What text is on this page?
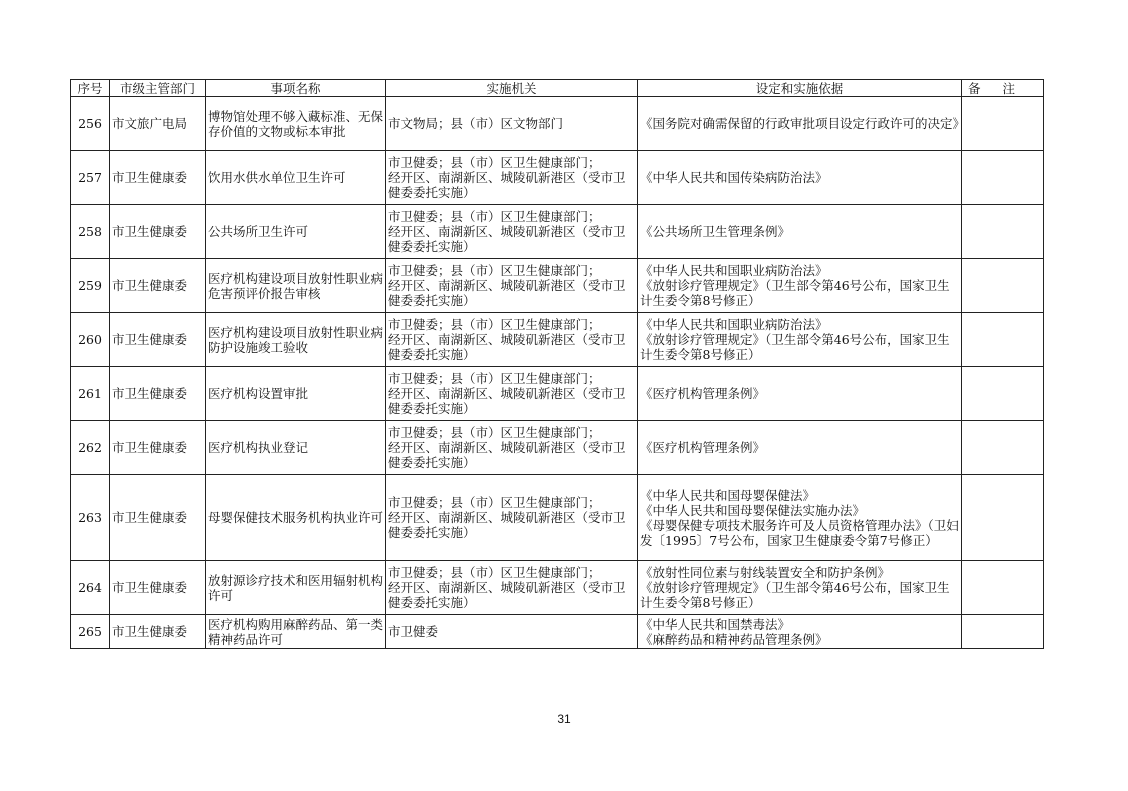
序号	市级主管部门	事项名称	实施机关	设定和实施依据	备注
256	市文旅广电局	博物馆处理不够入藏标准、无保存价值的文物或标本审批	市文物局；县（市）区文物部门	《国务院对确需保留的行政审批项目设定行政许可的决定》	
257	市卫生健康委	饮用水供水单位卫生许可	市卫健委；县（市）区卫生健康部门；
经开区、南湖新区、城陵矶新港区（受市卫健委委托实施）	《中华人民共和国传染病防治法》	
258	市卫生健康委	公共场所卫生许可	市卫健委；县（市）区卫生健康部门；
经开区、南湖新区、城陵矶新港区（受市卫健委委托实施）	《公共场所卫生管理条例》	
259	市卫生健康委	医疗机构建设项目放射性职业病危害预评价报告审核	市卫健委；县（市）区卫生健康部门；
经开区、南湖新区、城陵矶新港区（受市卫健委委托实施）	《中华人民共和国职业病防治法》
《放射诊疗管理规定》（卫生部令第46号公布，国家卫生计生委令第8号修正）	
260	市卫生健康委	医疗机构建设项目放射性职业病防护设施竣工验收	市卫健委；县（市）区卫生健康部门；
经开区、南湖新区、城陵矶新港区（受市卫健委委托实施）	《中华人民共和国职业病防治法》
《放射诊疗管理规定》（卫生部令第46号公布，国家卫生计生委令第8号修正）	
261	市卫生健康委	医疗机构设置审批	市卫健委；县（市）区卫生健康部门；
经开区、南湖新区、城陵矶新港区（受市卫健委委托实施）	《医疗机构管理条例》	
262	市卫生健康委	医疗机构执业登记	市卫健委；县（市）区卫生健康部门；
经开区、南湖新区、城陵矶新港区（受市卫健委委托实施）	《医疗机构管理条例》	
263	市卫生健康委	母婴保健技术服务机构执业许可	市卫健委；县（市）区卫生健康部门；
经开区、南湖新区、城陵矶新港区（受市卫健委委托实施）	《中华人民共和国母婴保健法》
《中华人民共和国母婴保健法实施办法》
《母婴保健专项技术服务许可及人员资格管理办法》（卫妇发〔1995〕7号公布，国家卫生健康委令第7号修正）	
264	市卫生健康委	放射源诊疗技术和医用辐射机构许可	市卫健委；县（市）区卫生健康部门；
经开区、南湖新区、城陵矶新港区（受市卫健委委托实施）	《放射性同位素与射线装置安全和防护条例》
《放射诊疗管理规定》（卫生部令第46号公布，国家卫生计生委令第8号修正）	
265	市卫生健康委	医疗机构购用麻醉药品、第一类精神药品许可	市卫健委	《中华人民共和国禁毒法》
《麻醉药品和精神药品管理条例》	
31
